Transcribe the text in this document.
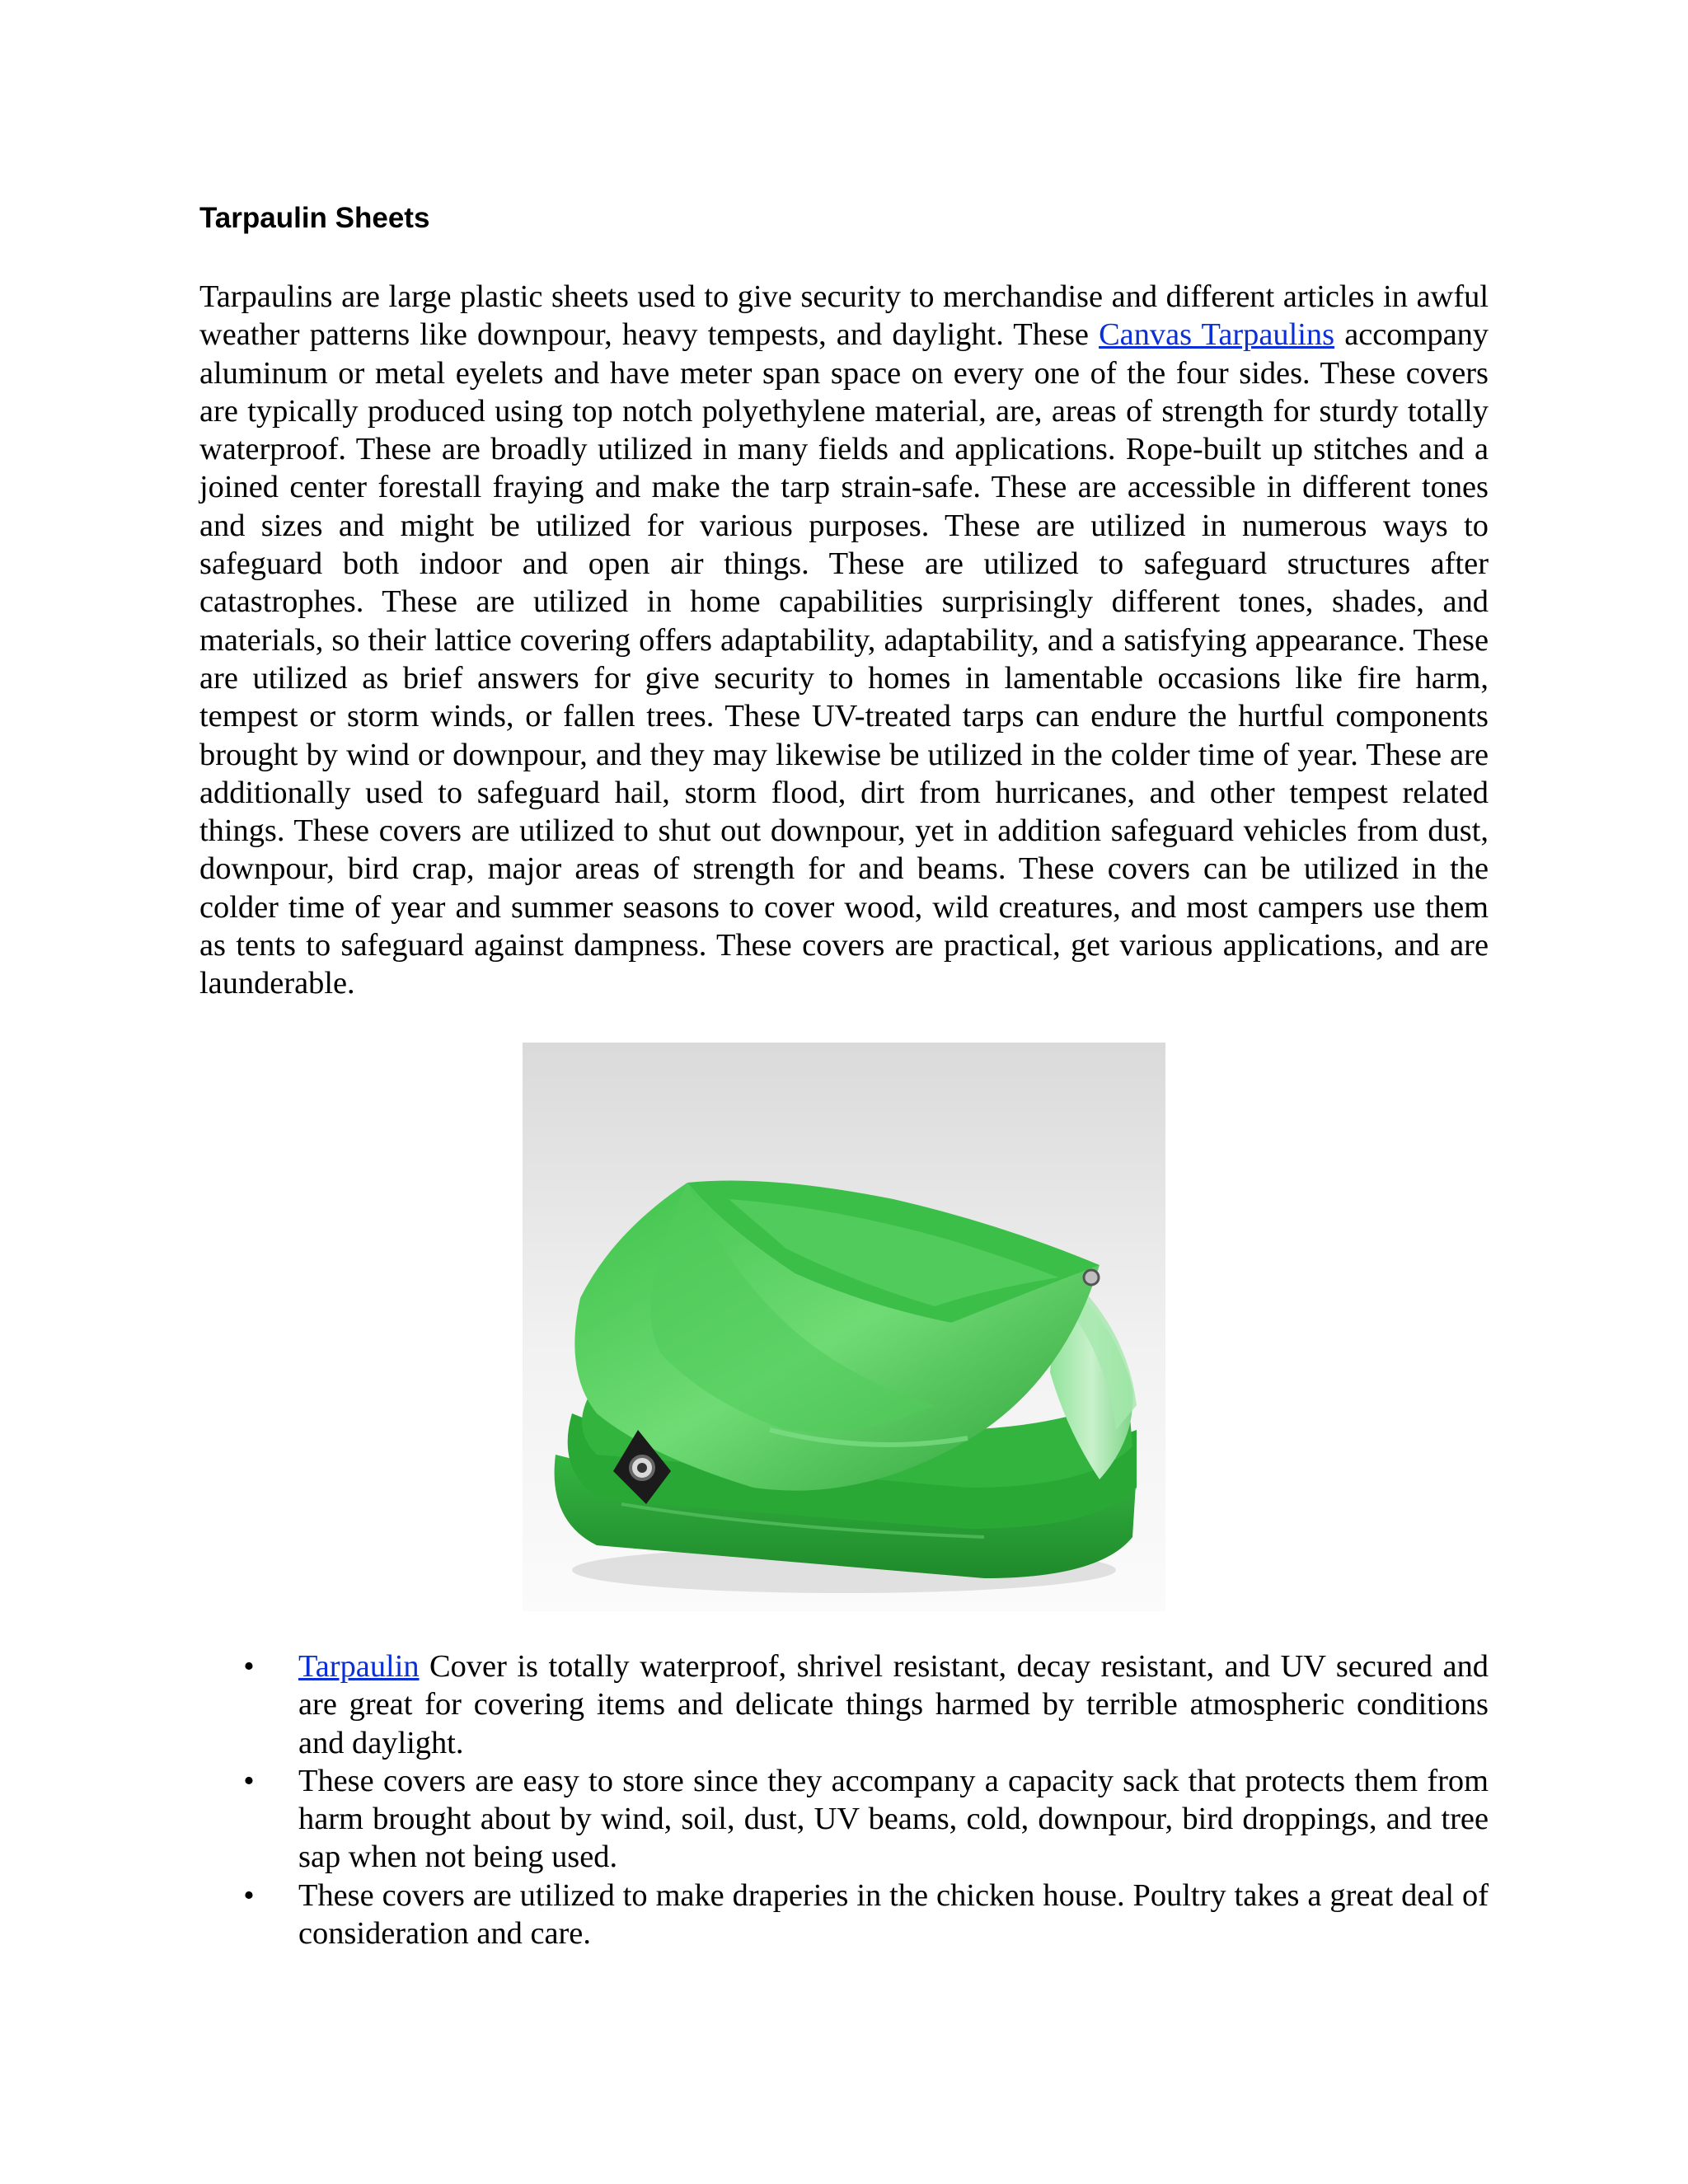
Tarpaulin Sheets

Tarpaulins are large plastic sheets used to give security to merchandise and different articles in awful weather patterns like downpour, heavy tempests, and daylight. These Canvas Tarpaulins accompany aluminum or metal eyelets and have meter span space on every one of the four sides. These covers are typically produced using top notch polyethylene material, are, areas of strength for sturdy totally waterproof. These are broadly utilized in many fields and applications. Rope-built up stitches and a joined center forestall fraying and make the tarp strain-safe. These are accessible in different tones and sizes and might be utilized for various purposes. These are utilized in numerous ways to safeguard both indoor and open air things. These are utilized to safeguard structures after catastrophes. These are utilized in home capabilities surprisingly different tones, shades, and materials, so their lattice covering offers adaptability, adaptability, and a satisfying appearance. These are utilized as brief answers for give security to homes in lamentable occasions like fire harm, tempest or storm winds, or fallen trees. These UV-treated tarps can endure the hurtful components brought by wind or downpour, and they may likewise be utilized in the colder time of year. These are additionally used to safeguard hail, storm flood, dirt from hurricanes, and other tempest related things. These covers are utilized to shut out downpour, yet in addition safeguard vehicles from dust, downpour, bird crap, major areas of strength for and beams. These covers can be utilized in the colder time of year and summer seasons to cover wood, wild creatures, and most campers use them as tents to safeguard against dampness. These covers are practical, get various applications, and are launderable.

•	Tarpaulin Cover is totally waterproof, shrivel resistant, decay resistant, and UV secured and are great for covering items and delicate things harmed by terrible atmospheric conditions and daylight.
•	These covers are easy to store since they accompany a capacity sack that protects them from harm brought about by wind, soil, dust, UV beams, cold, downpour, bird droppings, and tree sap when not being used.
•	These covers are utilized to make draperies in the chicken house. Poultry takes a great deal of consideration and care.
